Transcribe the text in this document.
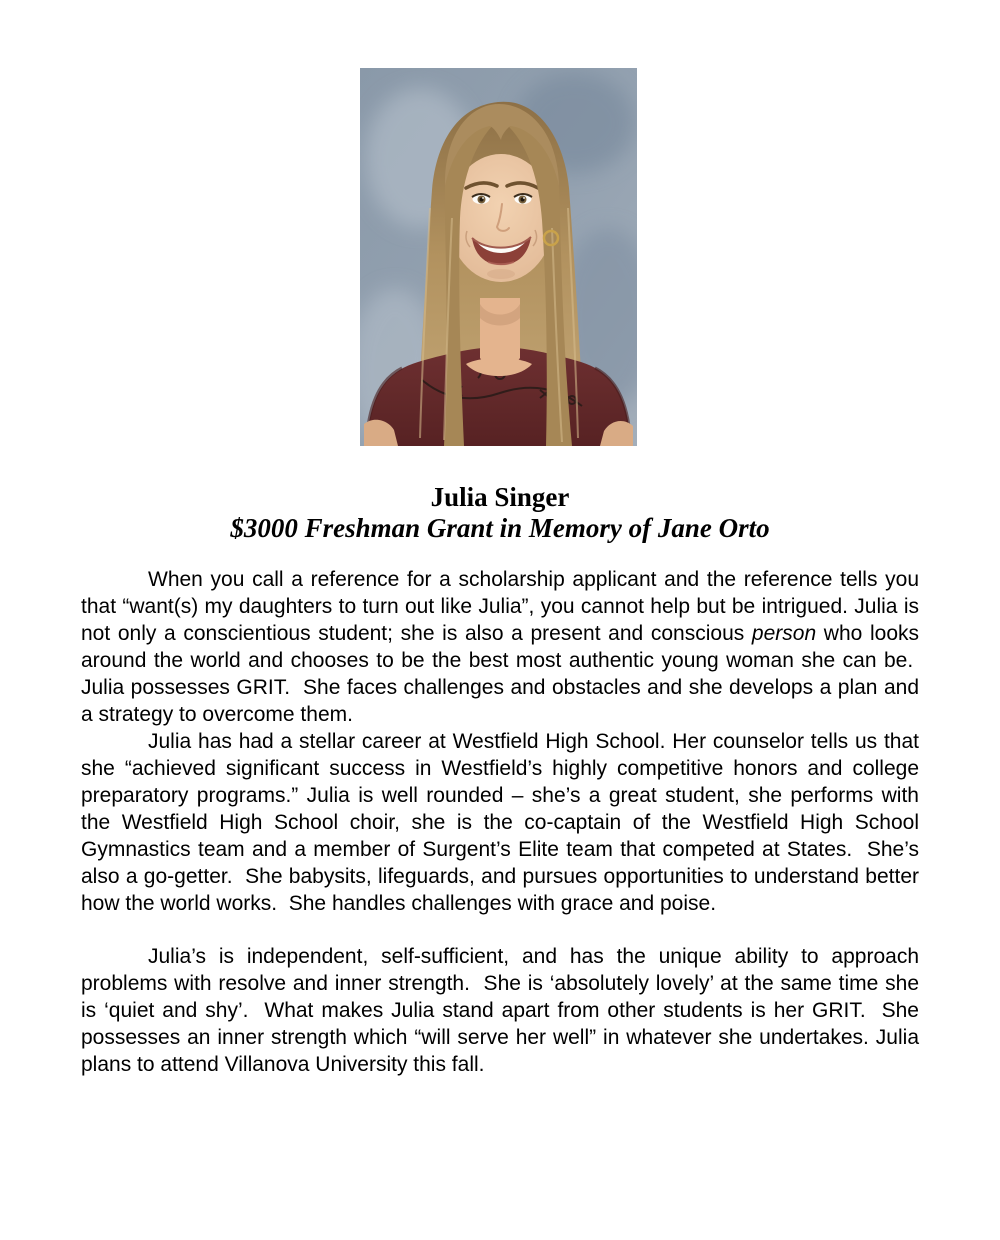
Julia Singer
$3000 Freshman Grant in Memory of Jane Orto

When you call a reference for a scholarship applicant and the reference tells you that “want(s) my daughters to turn out like Julia”, you cannot help but be intrigued. Julia is not only a conscientious student; she is also a present and conscious person who looks around the world and chooses to be the best most authentic young woman she can be.  Julia possesses GRIT.  She faces challenges and obstacles and she develops a plan and a strategy to overcome them.

Julia has had a stellar career at Westfield High School. Her counselor tells us that she “achieved significant success in Westfield’s highly competitive honors and college preparatory programs.” Julia is well rounded – she’s a great student, she performs with the Westfield High School choir, she is the co-captain of the Westfield High School Gymnastics team and a member of Surgent’s Elite team that competed at States.  She’s also a go-getter.  She babysits, lifeguards, and pursues opportunities to understand better how the world works.  She handles challenges with grace and poise.

Julia’s is independent, self-sufficient, and has the unique ability to approach problems with resolve and inner strength.  She is ‘absolutely lovely’ at the same time she is ‘quiet and shy’.  What makes Julia stand apart from other students is her GRIT.  She possesses an inner strength which “will serve her well” in whatever she undertakes. Julia plans to attend Villanova University this fall.
